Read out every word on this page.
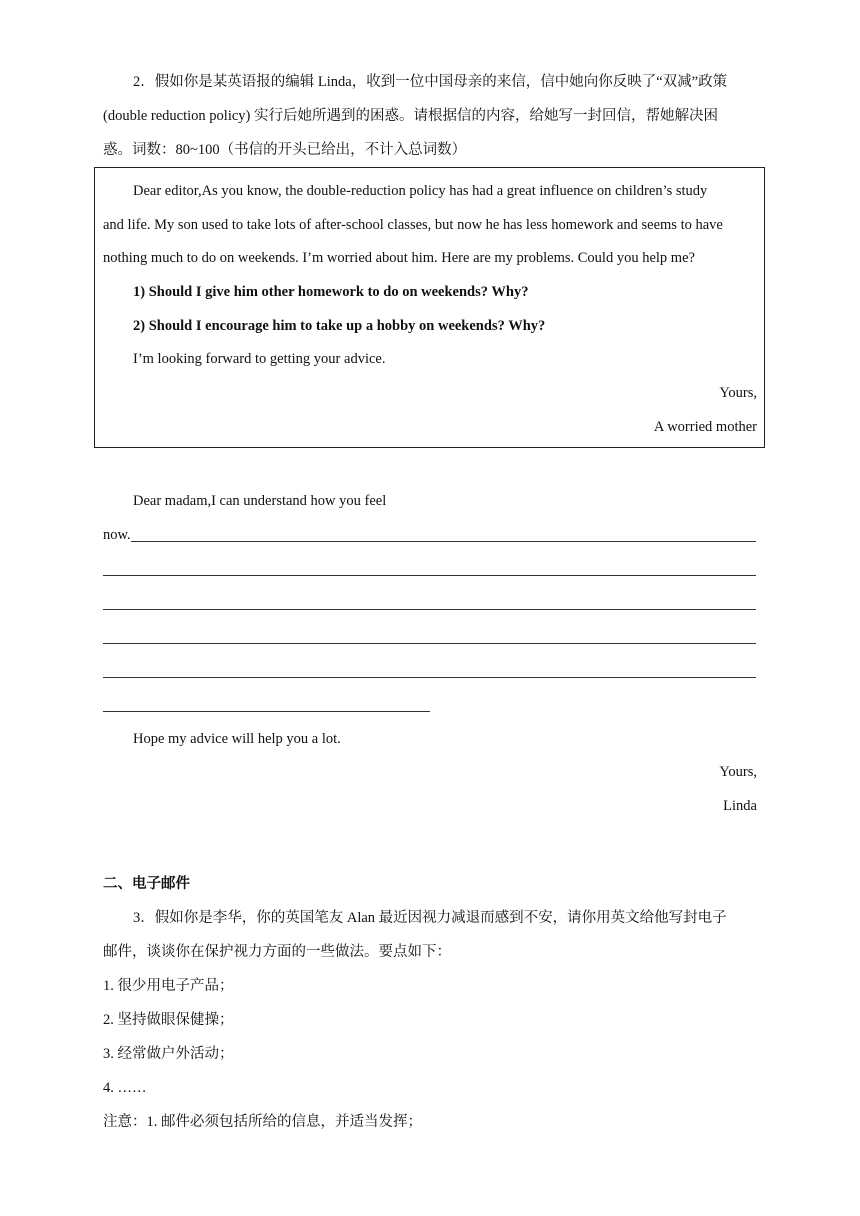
2．假如你是某英语报的编辑 Linda，收到一位中国母亲的来信，信中她向你反映了“双减”政策
(double reduction policy) 实行后她所遇到的困惑。请根据信的内容，给她写一封回信，帮她解决困
惑。词数：80~100（书信的开头已给出，不计入总词数）
Dear editor,As you know, the double-reduction policy has had a great influence on children’s study
and life. My son used to take lots of after-school classes, but now he has less homework and seems to have
nothing much to do on weekends. I’m worried about him. Here are my problems. Could you help me?
1) Should I give him other homework to do on weekends? Why?
2) Should I encourage him to take up a hobby on weekends? Why?
I’m looking forward to getting your advice.
Yours,
A worried mother
Dear madam,I can understand how you feel
now.
Hope my advice will help you a lot.
Yours,
Linda
二、电子邮件
3．假如你是李华，你的英国笔友 Alan 最近因视力减退而感到不安，请你用英文给他写封电子
邮件，谈谈你在保护视力方面的一些做法。要点如下：
1. 很少用电子产品；
2. 坚持做眼保健操；
3. 经常做户外活动；
4. ……
注意：1. 邮件必须包括所给的信息，并适当发挥；
